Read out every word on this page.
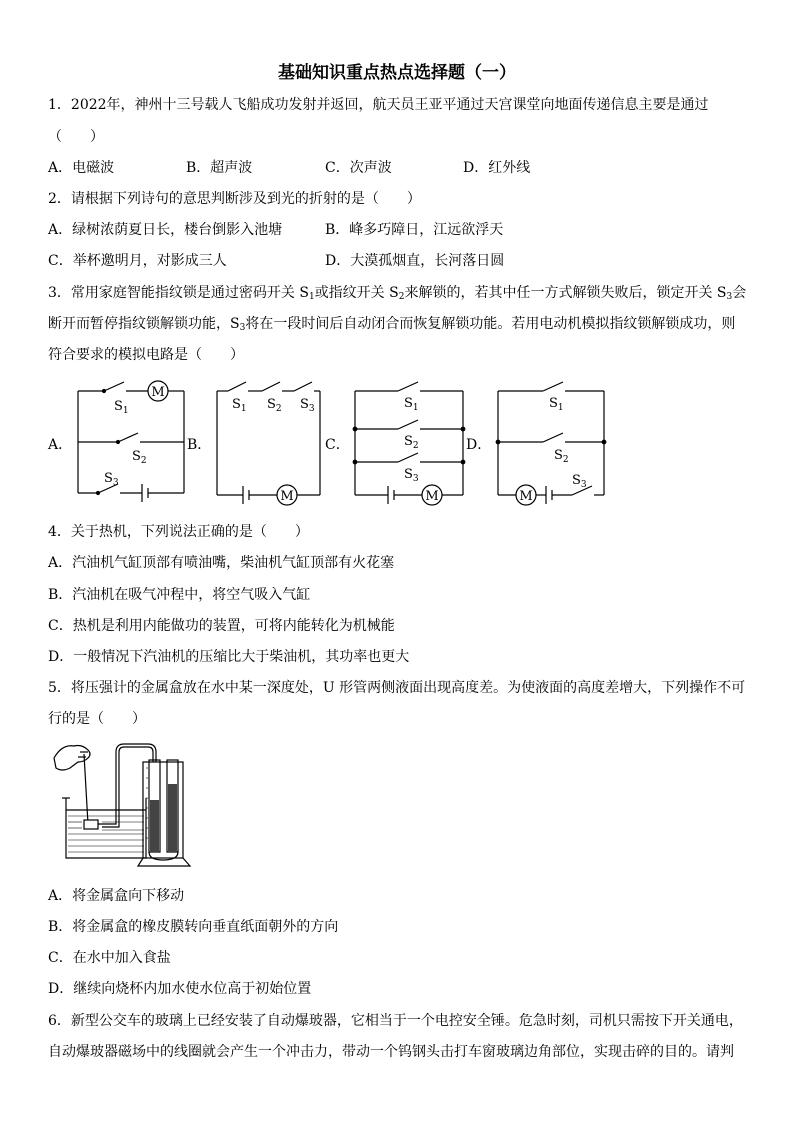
基础知识重点热点选择题（一）
1．2022年，神州十三号载人飞船成功发射并返回，航天员王亚平通过天宫课堂向地面传递信息主要是通过
（　　）
A．电磁波	B．超声波	C．次声波	D．红外线
2．请根据下列诗句的意思判断涉及到光的折射的是（　　）
A．绿树浓荫夏日长，楼台倒影入池塘	B．峰多巧障日，江远欲浮天
C．举杯邀明月，对影成三人	D．大漠孤烟直，长河落日圆
3．常用家庭智能指纹锁是通过密码开关 $S_1$或指纹开关 $S_2$来解锁的，若其中任一方式解锁失败后，锁定开关 $S_3$会
断开而暂停指纹锁解锁功能，$S_3$将在一段时间后自动闭合而恢复解锁功能。若用电动机模拟指纹锁解锁成功，则
符合要求的模拟电路是（　　）
A．	B．	C．	D．
M
M	M	M
$S_1$
$S_2$
$S_3$
$S_1$ $S_2$ $S_3$	$S_1$
$S_2$
$S_3$
$S_1$
$S_2$
$S_3$
4．关于热机，下列说法正确的是（　　）
A．汽油机气缸顶部有喷油嘴，柴油机气缸顶部有火花塞
B．汽油机在吸气冲程中，将空气吸入气缸
C．热机是利用内能做功的装置，可将内能转化为机械能
D．一般情况下汽油机的压缩比大于柴油机，其功率也更大
5．将压强计的金属盒放在水中某一深度处，U 形管两侧液面出现高度差。为使液面的高度差增大，下列操作不可
行的是（　　）
A．将金属盒向下移动
B．将金属盒的橡皮膜转向垂直纸面朝外的方向
C．在水中加入食盐
D．继续向烧杯内加水使水位高于初始位置
6．新型公交车的玻璃上已经安装了自动爆玻器，它相当于一个电控安全锤。危急时刻，司机只需按下开关通电，
自动爆玻器磁场中的线圈就会产生一个冲击力，带动一个钨钢头击打车窗玻璃边角部位，实现击碎的目的。请判
